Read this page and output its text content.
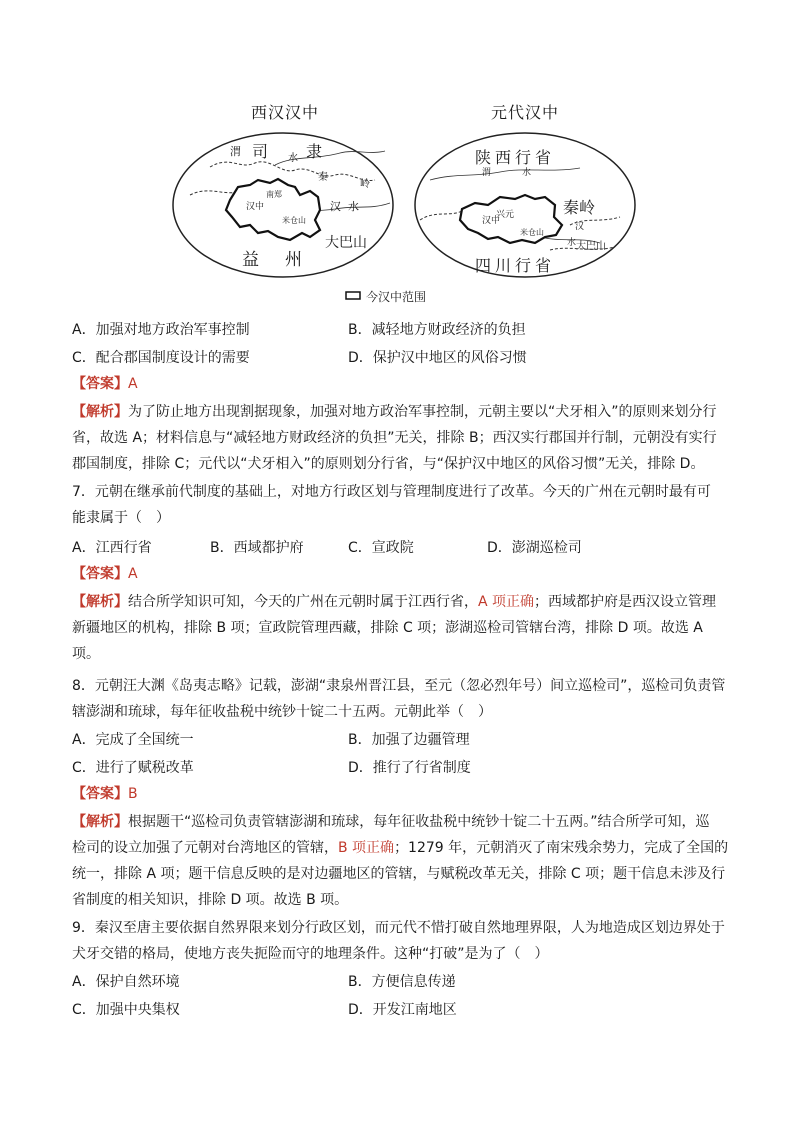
西汉汉中	元代汉中
渭 司 水 隶
秦
岭
南郑
汉中	汉 水
米仓山
大巴山
益 州
陕西行省
渭	水
兴元
汉中
米仓山
秦岭
汉
水 大巴山
四川行省
今汉中范围
A．加强对地方政治军事控制	B．减轻地方财政经济的负担
C．配合郡国制度设计的需要	D．保护汉中地区的风俗习惯
【答案】A
【解析】为了防止地方出现割据现象，加强对地方政治军事控制，元朝主要以“犬牙相入”的原则来划分行
省，故选 A；材料信息与“减轻地方财政经济的负担”无关，排除 B；西汉实行郡国并行制，元朝没有实行
郡国制度，排除 C；元代以“犬牙相入”的原则划分行省，与“保护汉中地区的风俗习惯”无关，排除 D。
7．元朝在继承前代制度的基础上，对地方行政区划与管理制度进行了改革。今天的广州在元朝时最有可
能隶属于（　）
A．江西行省	B．西域都护府	C．宣政院	D．澎湖巡检司
【答案】A
【解析】结合所学知识可知，今天的广州在元朝时属于江西行省，A 项正确；西域都护府是西汉设立管理
新疆地区的机构，排除 B 项；宣政院管理西藏，排除 C 项；澎湖巡检司管辖台湾，排除 D 项。故选 A
项。
8．元朝汪大渊《岛夷志略》记载，澎湖“隶泉州晋江县，至元（忽必烈年号）间立巡检司”，巡检司负责管
辖澎湖和琉球，每年征收盐税中统钞十锭二十五两。元朝此举（　）
A．完成了全国统一	B．加强了边疆管理
C．进行了赋税改革	D．推行了行省制度
【答案】B
【解析】根据题干“巡检司负责管辖澎湖和琉球，每年征收盐税中统钞十锭二十五两。”结合所学可知，巡
检司的设立加强了元朝对台湾地区的管辖，B 项正确；1279 年，元朝消灭了南宋残余势力，完成了全国的
统一，排除 A 项；题干信息反映的是对边疆地区的管辖，与赋税改革无关，排除 C 项；题干信息未涉及行
省制度的相关知识，排除 D 项。故选 B 项。
9．秦汉至唐主要依据自然界限来划分行政区划，而元代不惜打破自然地理界限，人为地造成区划边界处于
犬牙交错的格局，使地方丧失扼险而守的地理条件。这种“打破”是为了（　）
A．保护自然环境	B．方便信息传递
C．加强中央集权	D．开发江南地区
